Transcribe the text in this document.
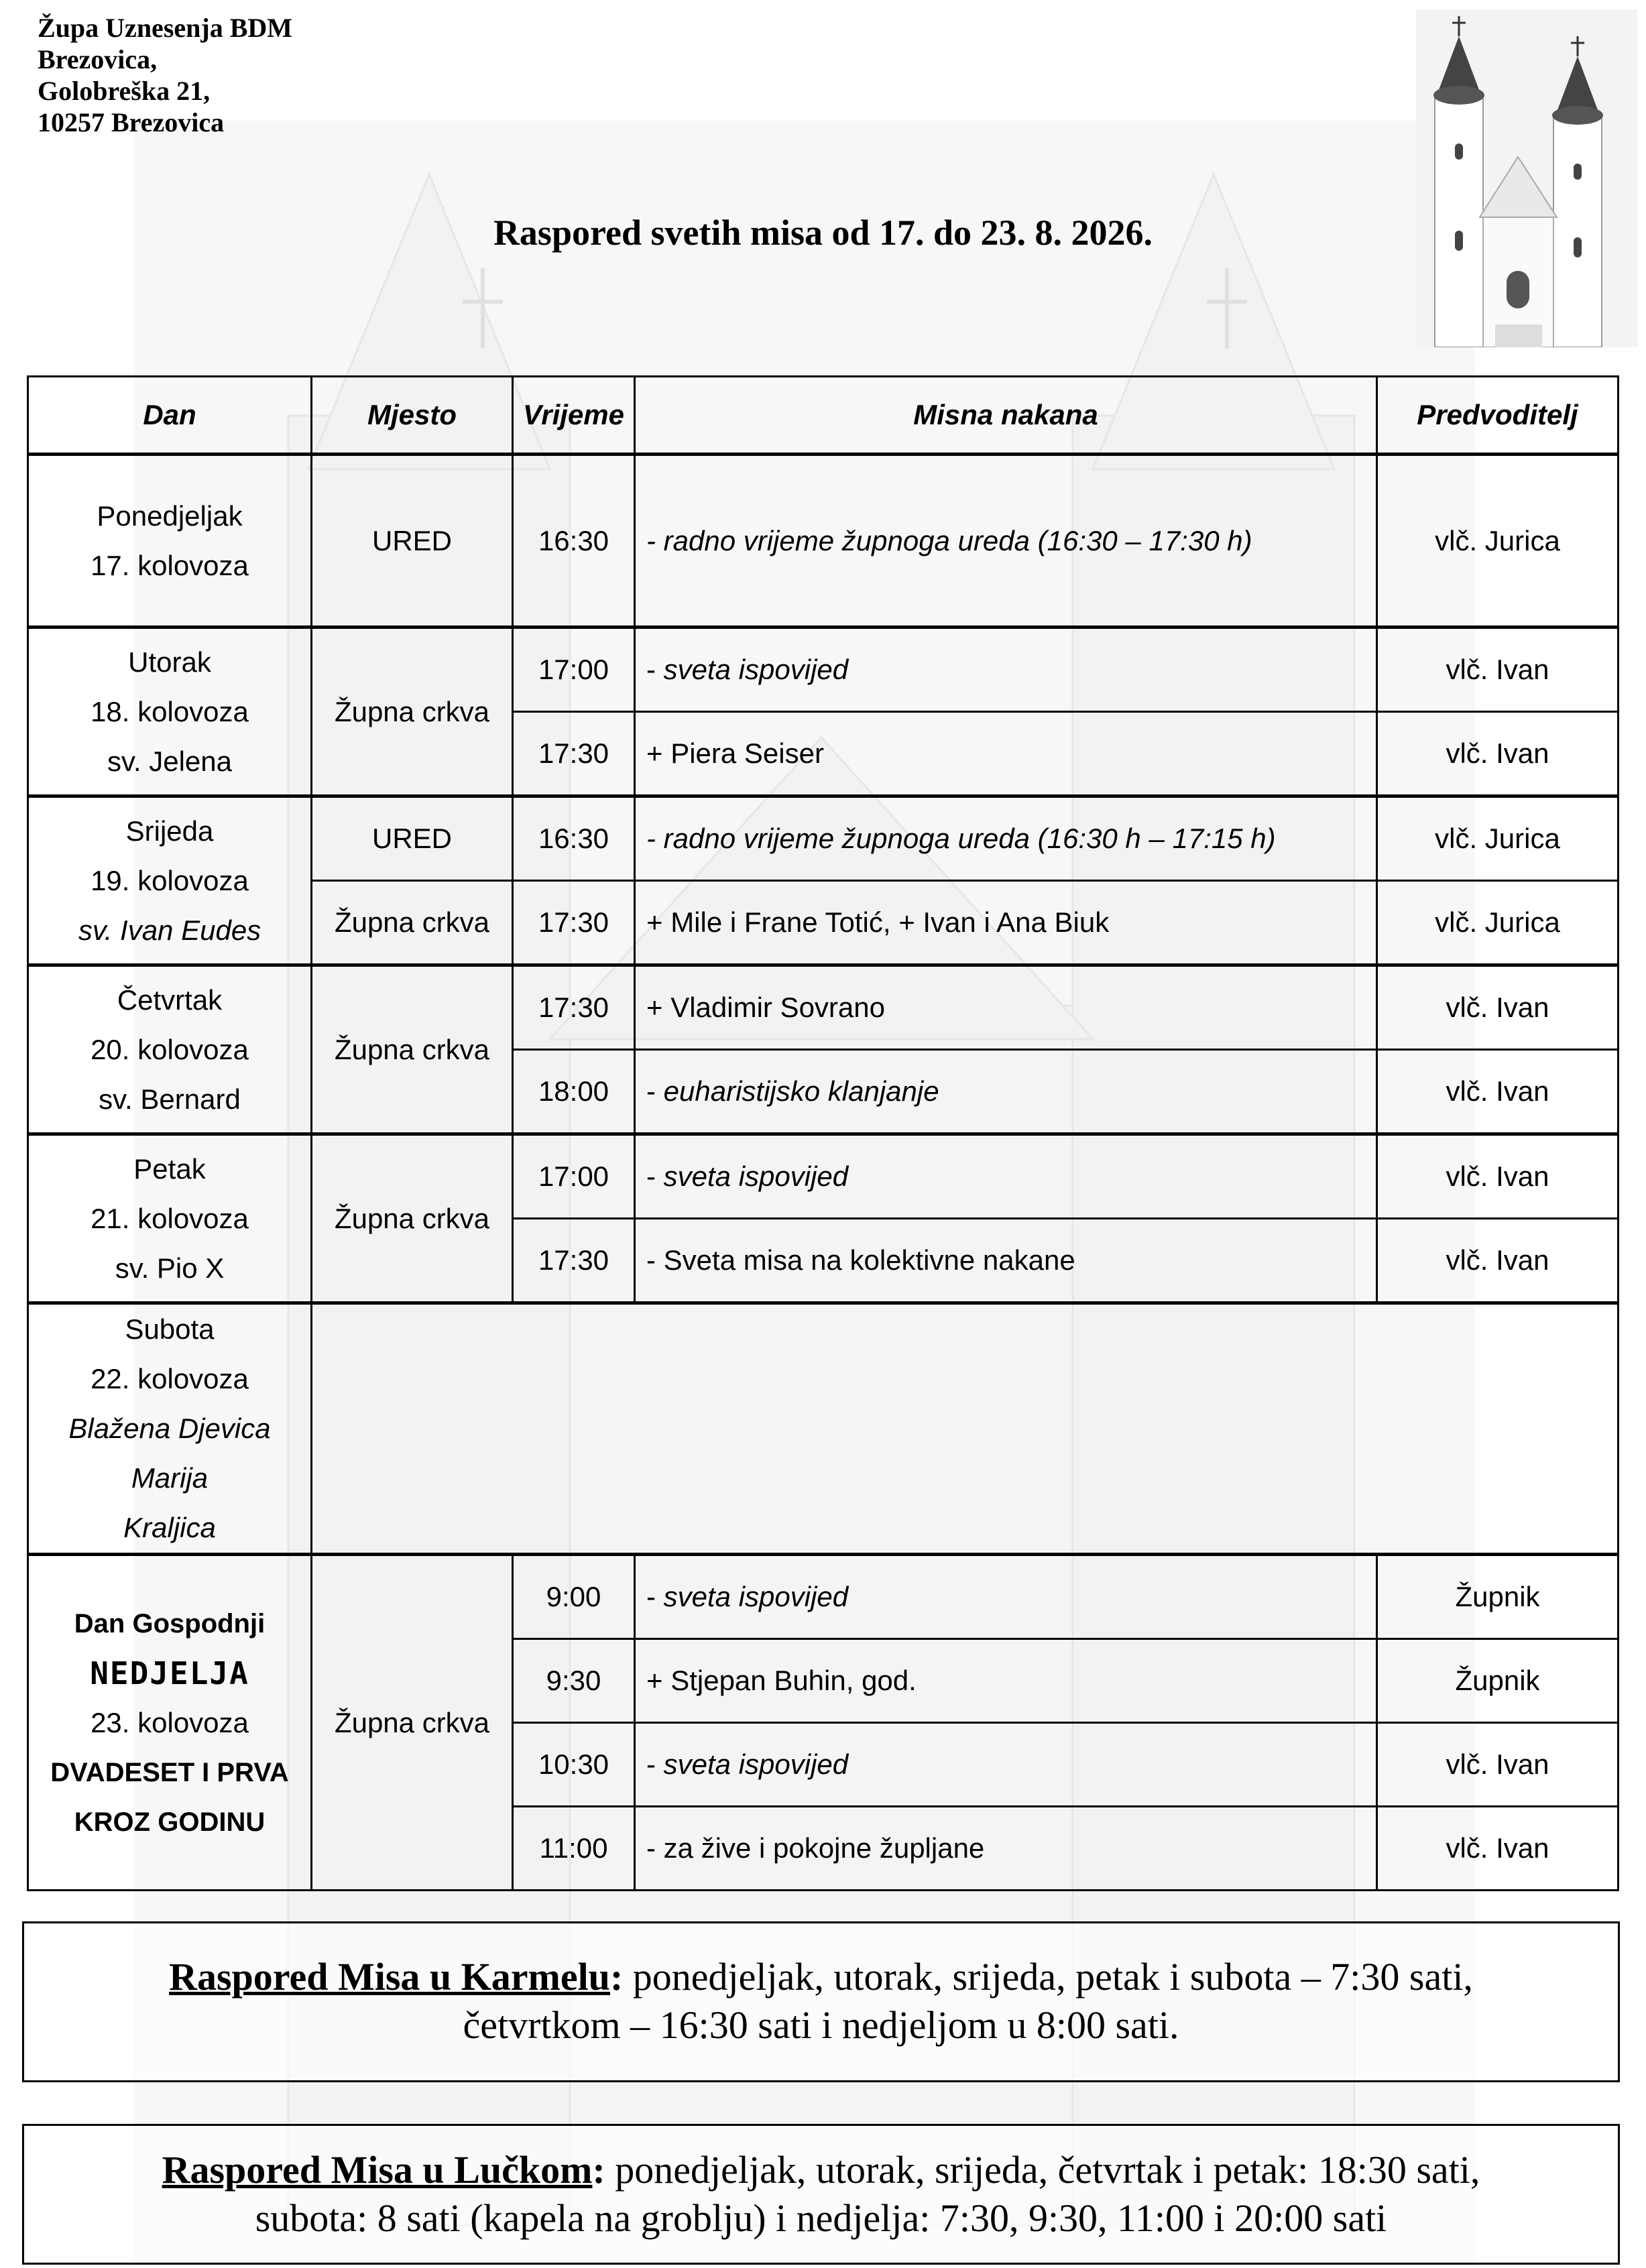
Župa Uznesenja BDM
Brezovica,
Golobreška 21,
10257 Brezovica
Raspored svetih misa od 17. do 23. 8. 2026.
Dan	Mjesto	Vrijeme	Misna nakana	Predvoditelj

Ponedjeljak
17. kolovoza	URED	16:30	- radno vrijeme župnoga ureda (16:30 – 17:30 h)	vlč. Jurica

Utorak
18. kolovoza
sv. Jelena	Župna crkva	17:00	- sveta ispovijed	vlč. Ivan
		17:30	+ Piera Seiser	vlč. Ivan

Srijeda
19. kolovoza
sv. Ivan Eudes	URED	16:30	- radno vrijeme župnoga ureda (16:30 h – 17:15 h)	vlč. Jurica
	Župna crkva	17:30	+ Mile i Frane Totić, + Ivan i Ana Biuk	vlč. Jurica

Četvrtak
20. kolovoza
sv. Bernard	Župna crkva	17:30	+ Vladimir Sovrano	vlč. Ivan
		18:00	- euharistijsko klanjanje	vlč. Ivan

Petak
21. kolovoza
sv. Pio X	Župna crkva	17:00	- sveta ispovijed	vlč. Ivan
		17:30	- Sveta misa na kolektivne nakane	vlč. Ivan

Subota
22. kolovoza
Blažena Djevica Marija
Kraljica				

Dan Gospodnji
NEDJELJA
23. kolovoza
DVADESET I PRVA
KROZ GODINU	Župna crkva	9:00	- sveta ispovijed	Župnik
		9:30	+ Stjepan Buhin, god.	Župnik
		10:30	- sveta ispovijed	vlč. Ivan
		11:00	- za žive i pokojne župljane	vlč. Ivan
Raspored Misa u Karmelu: ponedjeljak, utorak, srijeda, petak i subota – 7:30 sati,
četvrtkom – 16:30 sati i nedjeljom u 8:00 sati.
Raspored Misa u Lučkom: ponedjeljak, utorak, srijeda, četvrtak i petak: 18:30 sati,
subota: 8 sati (kapela na groblju) i nedjelja: 7:30, 9:30, 11:00 i 20:00 sati
